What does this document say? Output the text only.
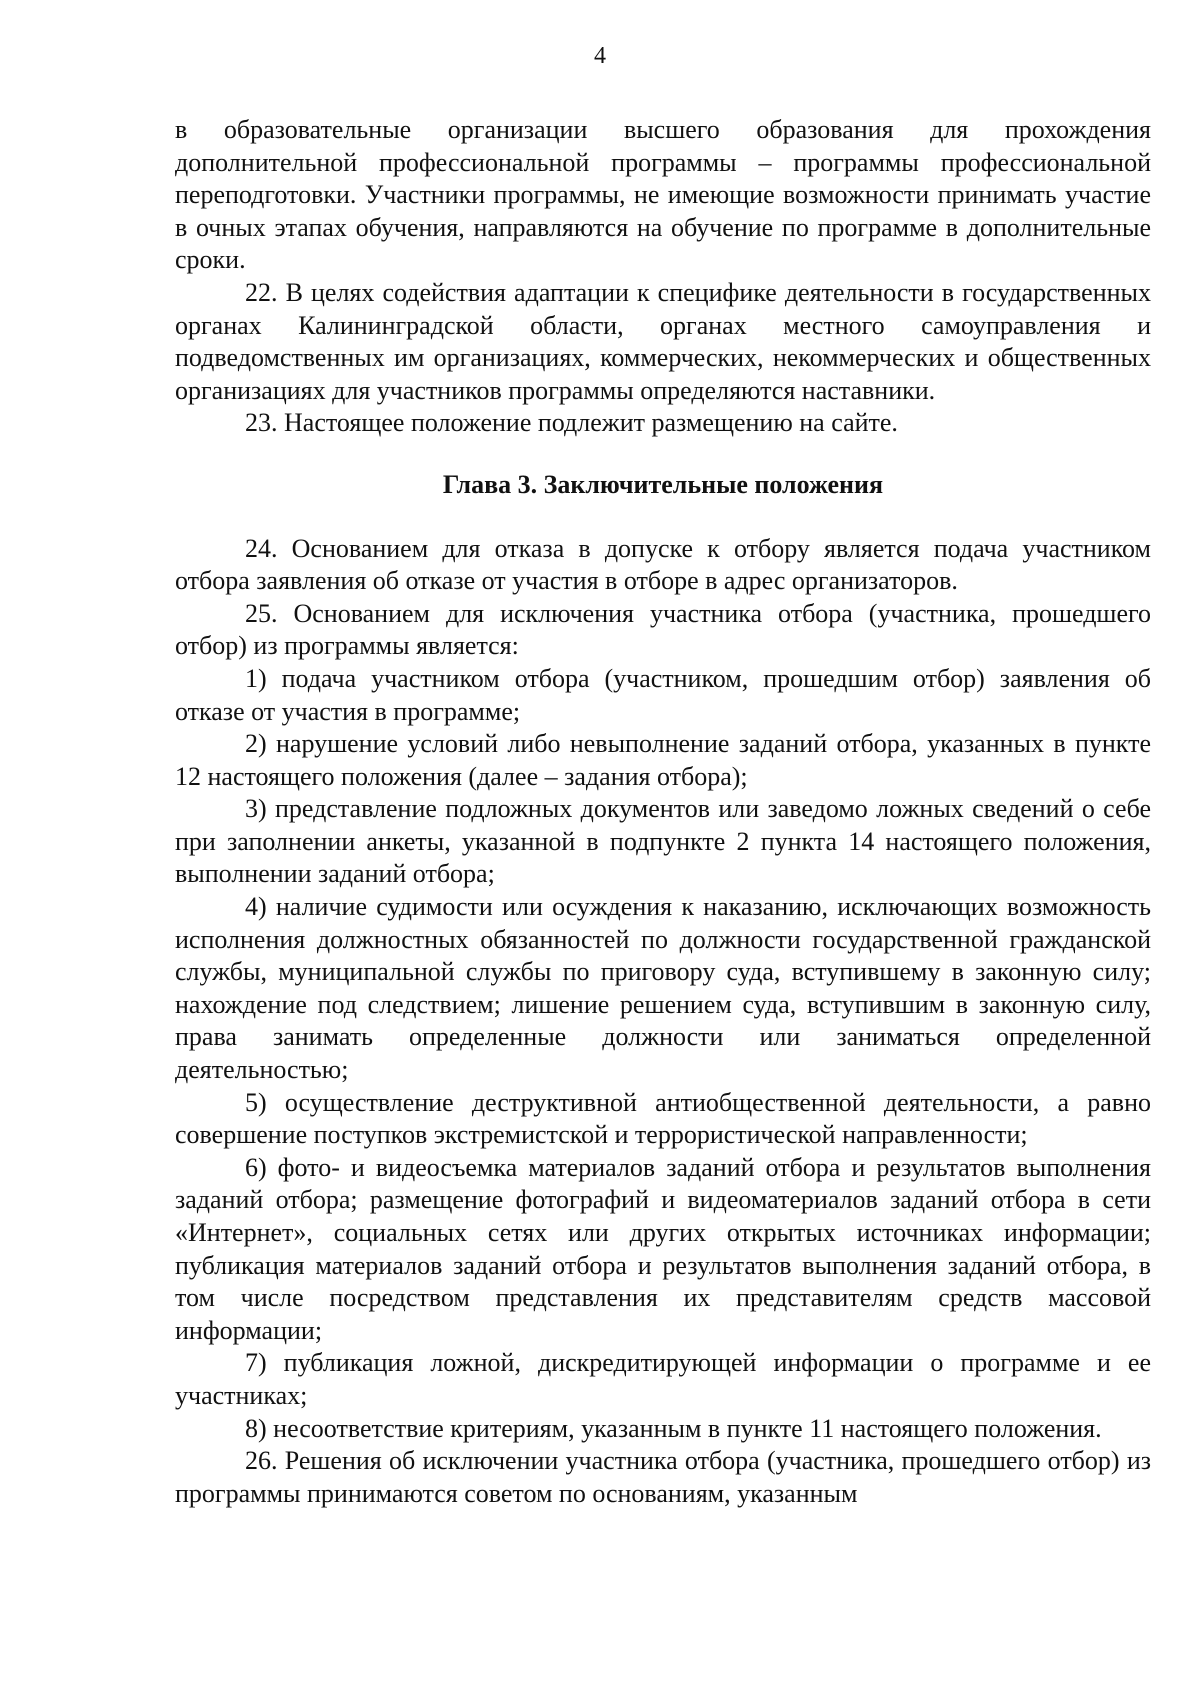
4

в образовательные организации высшего образования для прохождения дополнительной профессиональной программы – программы профессиональной переподготовки. Участники программы, не имеющие возможности принимать участие в очных этапах обучения, направляются на обучение по программе в дополнительные сроки.

22. В целях содействия адаптации к специфике деятельности в государственных органах Калининградской области, органах местного самоуправления и подведомственных им организациях, коммерческих, некоммерческих и общественных организациях для участников программы определяются наставники.

23. Настоящее положение подлежит размещению на сайте.

Глава 3. Заключительные положения

24. Основанием для отказа в допуске к отбору является подача участником отбора заявления об отказе от участия в отборе в адрес организаторов.

25. Основанием для исключения участника отбора (участника, прошедшего отбор) из программы является:

1) подача участником отбора (участником, прошедшим отбор) заявления об отказе от участия в программе;

2) нарушение условий либо невыполнение заданий отбора, указанных в пункте 12 настоящего положения (далее – задания отбора);

3) представление подложных документов или заведомо ложных сведений о себе при заполнении анкеты, указанной в подпункте 2 пункта 14 настоящего положения, выполнении заданий отбора;

4) наличие судимости или осуждения к наказанию, исключающих возможность исполнения должностных обязанностей по должности государственной гражданской службы, муниципальной службы по приговору суда, вступившему в законную силу; нахождение под следствием; лишение решением суда, вступившим в законную силу, права занимать определенные должности или заниматься определенной деятельностью;

5) осуществление деструктивной антиобщественной деятельности, а равно совершение поступков экстремистской и террористической направленности;

6) фото- и видеосъемка материалов заданий отбора и результатов выполнения заданий отбора; размещение фотографий и видеоматериалов заданий отбора в сети «Интернет», социальных сетях или других открытых источниках информации; публикация материалов заданий отбора и результатов выполнения заданий отбора, в том числе посредством представления их представителям средств массовой информации;

7) публикация ложной, дискредитирующей информации о программе и ее участниках;

8) несоответствие критериям, указанным в пункте 11 настоящего положения.

26. Решения об исключении участника отбора (участника, прошедшего отбор) из программы принимаются советом по основаниям, указанным
